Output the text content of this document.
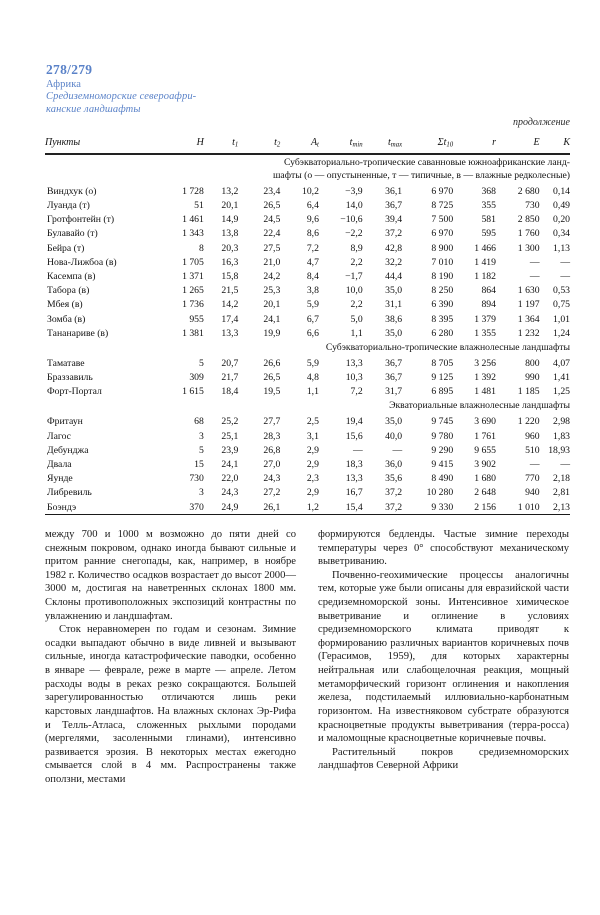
278/279
Африка
Средиземноморские североафри-
канские ландшафты
продолжение

Пункты	H	$t_1$	$t_2$	$A_t$	$t_{min}$	$t_{max}$	$\Sigma t_{10}$	r	E	K

Субэкваториально-тропические саванновые южноафриканские ланд-
шафты (о — опустыненные, т — типичные, в — влажные редколесные)										
Виндхук (о)	1 728	13,2	23,4	10,2	−3,9	36,1	6 970	368	2 680	0,14
Луанда (т)	51	20,1	26,5	6,4	14,0	36,7	8 725	355	730	0,49
Гротфонтейн (т)	1 461	14,9	24,5	9,6	−10,6	39,4	7 500	581	2 850	0,20
Булавайо (т)	1 343	13,8	22,4	8,6	−2,2	37,2	6 970	595	1 760	0,34
Бейра (т)	8	20,3	27,5	7,2	8,9	42,8	8 900	1 466	1 300	1,13
Нова-Лижбоа (в)	1 705	16,3	21,0	4,7	2,2	32,2	7 010	1 419	—	—
Касемпа (в)	1 371	15,8	24,2	8,4	−1,7	44,4	8 190	1 182	—	—
Табора (в)	1 265	21,5	25,3	3,8	10,0	35,0	8 250	864	1 630	0,53
Мбея (в)	1 736	14,2	20,1	5,9	2,2	31,1	6 390	894	1 197	0,75
Зомба (в)	955	17,4	24,1	6,7	5,0	38,6	8 395	1 379	1 364	1,01
Тананариве (в)	1 381	13,3	19,9	6,6	1,1	35,0	6 280	1 355	1 232	1,24
Субэкваториально-тропические влажнолесные ландшафты										
Таматаве	5	20,7	26,6	5,9	13,3	36,7	8 705	3 256	800	4,07
Браззавиль	309	21,7	26,5	4,8	10,3	36,7	9 125	1 392	990	1,41
Форт-Портал	1 615	18,4	19,5	1,1	7,2	31,7	6 895	1 481	1 185	1,25
Экваториальные влажнолесные ландшафты										
Фритаун	68	25,2	27,7	2,5	19,4	35,0	9 745	3 690	1 220	2,98
Лагос	3	25,1	28,3	3,1	15,6	40,0	9 780	1 761	960	1,83
Дебунджа	5	23,9	26,8	2,9	—	—	9 290	9 655	510	18,93
Двала	15	24,1	27,0	2,9	18,3	36,0	9 415	3 902	—	—
Яунде	730	22,0	24,3	2,3	13,3	35,6	8 490	1 680	770	2,18
Либревиль	3	24,3	27,2	2,9	16,7	37,2	10 280	2 648	940	2,81
Боэндэ	370	24,9	26,1	1,2	15,4	37,2	9 330	2 156	1 010	2,13

между 700 и 1000 м возможно до пяти дней со снежным покровом, однако иногда бывают сильные и притом ранние снегопады, как, например, в ноябре 1982 г. Количество осадков возрастает до высот 2000—3000 м, достигая на наветренных склонах 1800 мм. Склоны противоположных экспозиций контрастны по увлажнению и ландшафтам.

Сток неравномерен по годам и сезонам. Зимние осадки выпадают обычно в виде ливней и вызывают сильные, иногда катастрофические паводки, особенно в январе — феврале, реже в марте — апреле. Летом расходы воды в реках резко сокращаются. Большей зарегулированностью отличаются лишь реки карстовых ландшафтов. На влажных склонах Эр-Рифа и Телль-Атласа, сложенных рыхлыми породами (мергелями, засоленными глинами), интенсивно развивается эрозия. В некоторых местах ежегодно смывается слой в 4 мм. Распространены также оползни, местами

формируются бедленды. Частые зимние переходы температуры через 0° способствуют механическому выветриванию.

Почвенно-геохимические процессы аналогичны тем, которые уже были описаны для евразийской части средиземноморской зоны. Интенсивное химическое выветривание и оглинение в условиях средиземноморского климата приводят к формированию различных вариантов коричневых почв (Герасимов, 1959), для которых характерны нейтральная или слабощелочная реакция, мощный метаморфический горизонт оглинения и накопления железа, подстилаемый иллювиально-карбонатным горизонтом. На известняковом субстрате образуются красноцветные продукты выветривания (терра-росса) и маломощные красноцветные коричневые почвы.

Растительный покров средиземноморских ландшафтов Северной Африки
